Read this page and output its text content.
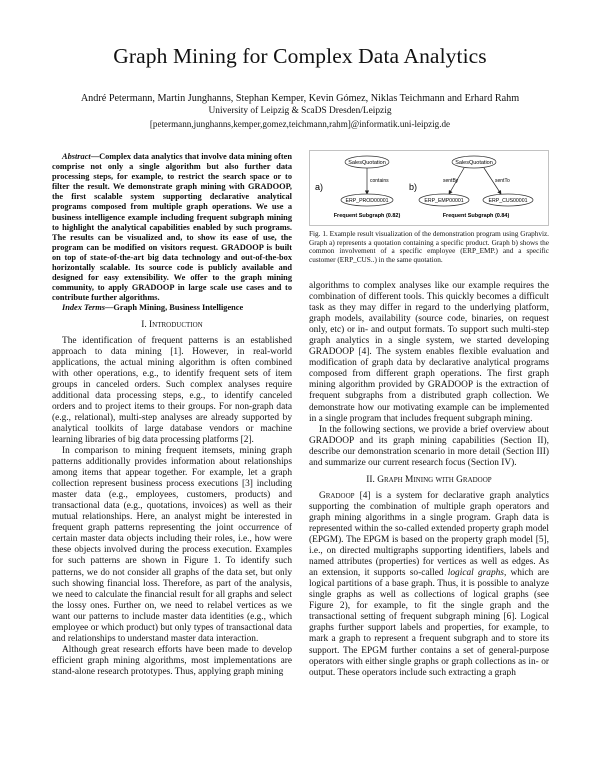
Graph Mining for Complex Data Analytics
André Petermann, Martin Junghanns, Stephan Kemper, Kevin Gómez, Niklas Teichmann and Erhard Rahm
University of Leipzig & ScaDS Dresden/Leipzig
[petermann,junghanns,kemper,gomez,teichmann,rahm]@informatik.uni-leipzig.de
Abstract—Complex data analytics that involve data mining often comprise not only a single algorithm but also further data processing steps, for example, to restrict the search space or to filter the result. We demonstrate graph mining with GRADOOP, the first scalable system supporting declarative analytical programs composed from multiple graph operations. We use a business intelligence example including frequent subgraph mining to highlight the analytical capabilities enabled by such programs. The results can be visualized and, to show its ease of use, the program can be modified on visitors request. GRADOOP is built on top of state-of-the-art big data technology and out-of-the-box horizontally scalable. Its source code is publicly available and designed for easy extensibility. We offer to the graph mining community, to apply GRADOOP in large scale use cases and to contribute further algorithms.
Index Terms—Graph Mining, Business Intelligence
I. Introduction

The identification of frequent patterns is an established approach to data mining [1]. However, in real-world applications, the actual mining algorithm is often combined with other operations, e.g., to identify frequent sets of item groups in canceled orders. Such complex analyses require additional data processing steps, e.g., to identify canceled orders and to project items to their groups. For non-graph data (e.g., relational), multi-step analyses are already supported by analytical toolkits of large database vendors or machine learning libraries of big data processing platforms [2].

In comparison to mining frequent itemsets, mining graph patterns additionally provides information about relationships among items that appear together. For example, let a graph collection represent business process executions [3] including master data (e.g., employees, customers, products) and transactional data (e.g., quotations, invoices) as well as their mutual relationships. Here, an analyst might be interested in frequent graph patterns representing the joint occurrence of certain master data objects including their roles, i.e., how were these objects involved during the process execution. Examples for such patterns are shown in Figure 1. To identify such patterns, we do not consider all graphs of the data set, but only such showing financial loss. Therefore, as part of the analysis, we need to calculate the financial result for all graphs and select the lossy ones. Further on, we need to relabel vertices as we want our patterns to include master data identities (e.g., which employee or which product) but only types of transactional data and relationships to understand master data interaction.

Although great research efforts have been made to develop efficient graph mining algorithms, most implementations are stand-alone research prototypes. Thus, applying graph mining

a)
SalesQuotation
contains
ERP_PROD00001
Frequent Subgraph (0.82)
b)
SalesQuotation
sentBy	sentTo
ERP_EMP00001	ERP_CUS00001
Frequent Subgraph (0.84)
Fig. 1. Example result visualization of the demonstration program using Graphviz. Graph a) represents a quotation containing a specific product. Graph b) shows the common involvement of a specific employee (ERP_EMP.) and a specific customer (ERP_CUS..) in the same quotation.

algorithms to complex analyses like our example requires the combination of different tools. This quickly becomes a difficult task as they may differ in regard to the underlying platform, graph models, availability (source code, binaries, on request only, etc) or in- and output formats. To support such multi-step graph analytics in a single system, we started developing GRADOOP [4]. The system enables flexible evaluation and modification of graph data by declarative analytical programs composed from different graph operations. The first graph mining algorithm provided by GRADOOP is the extraction of frequent subgraphs from a distributed graph collection. We demonstrate how our motivating example can be implemented in a single program that includes frequent subgraph mining.

In the following sections, we provide a brief overview about GRADOOP and its graph mining capabilities (Section II), describe our demonstration scenario in more detail (Section III) and summarize our current research focus (Section IV).

II. Graph Mining with Gradoop

Gradoop [4] is a system for declarative graph analytics supporting the combination of multiple graph operators and graph mining algorithms in a single program. Graph data is represented within the so-called extended property graph model (EPGM). The EPGM is based on the property graph model [5], i.e., on directed multigraphs supporting identifiers, labels and named attributes (properties) for vertices as well as edges. As an extension, it supports so-called logical graphs, which are logical partitions of a base graph. Thus, it is possible to analyze single graphs as well as collections of logical graphs (see Figure 2), for example, to fit the single graph and the transactional setting of frequent subgraph mining [6]. Logical graphs further support labels and properties, for example, to mark a graph to represent a frequent subgraph and to store its support. The EPGM further contains a set of general-purpose operators with either single graphs or graph collections as in- or output. These operators include such extracting a graph
